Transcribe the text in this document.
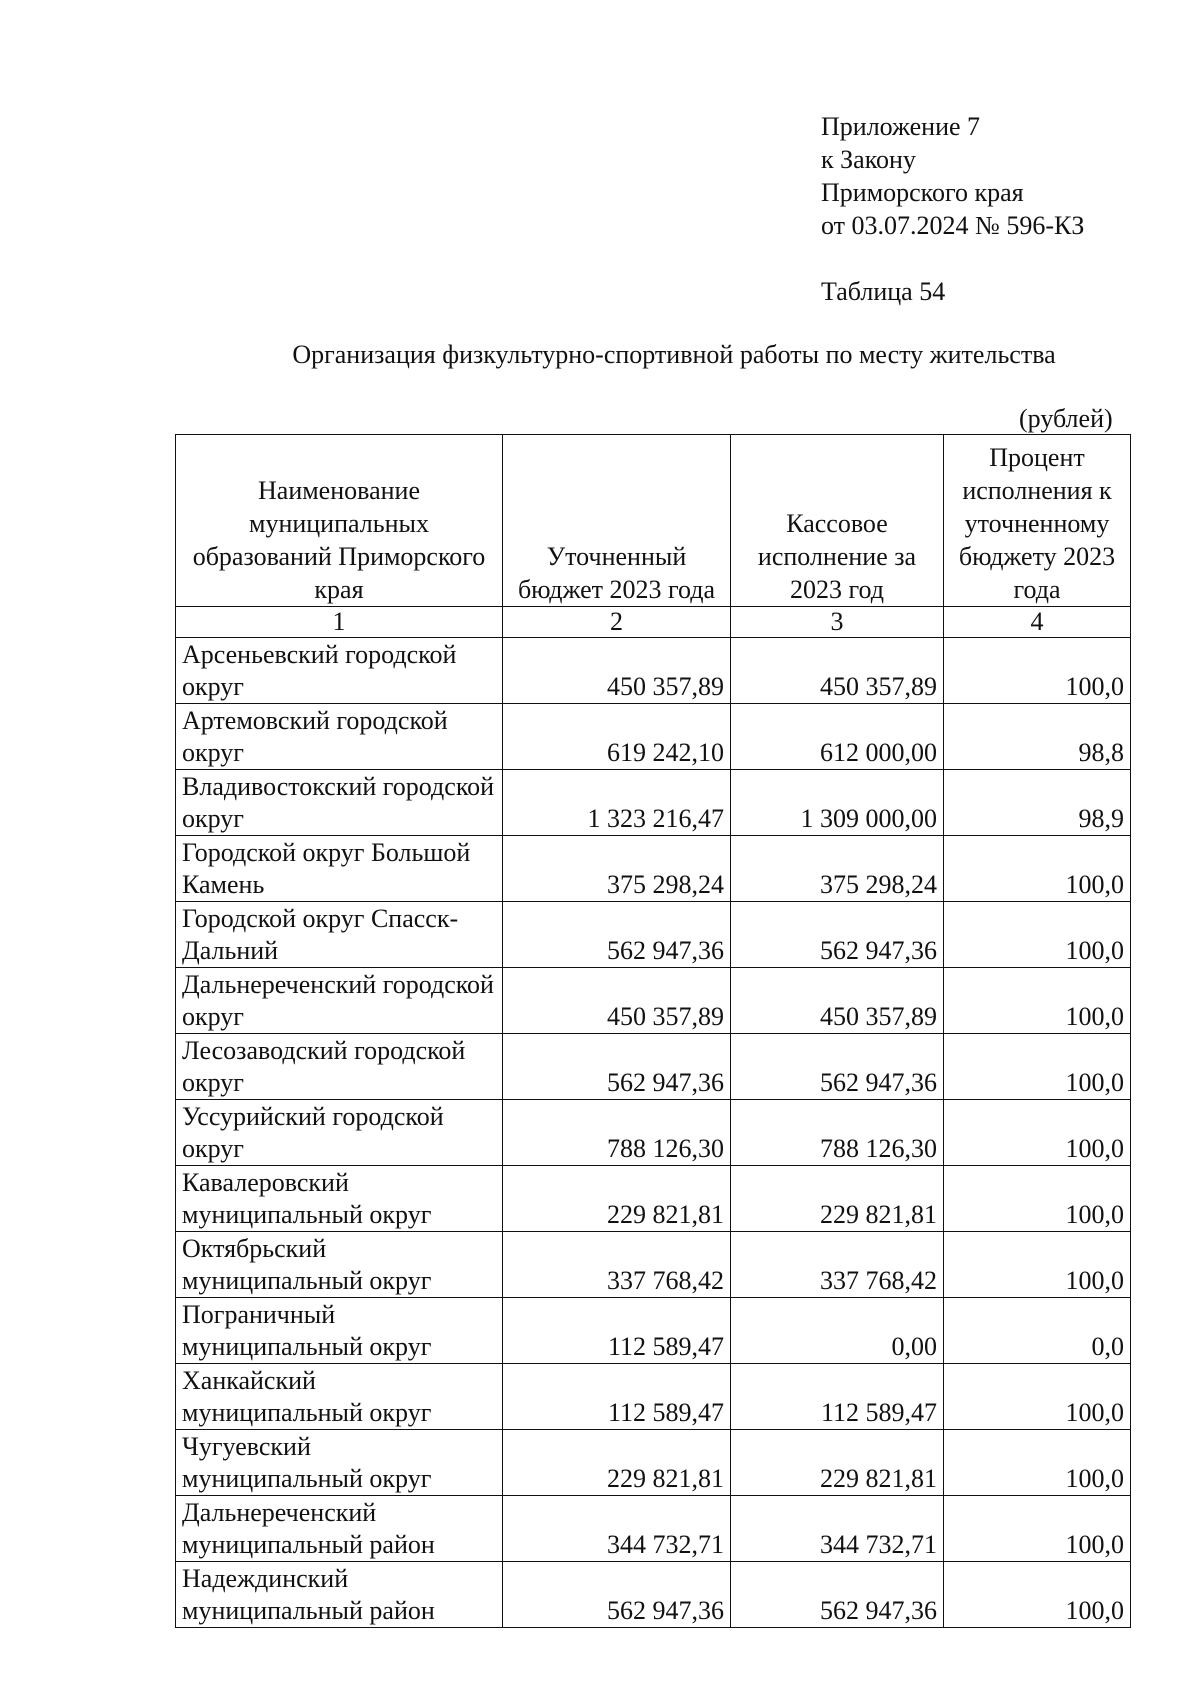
Приложение 7
к Закону
Приморского края
от 03.07.2024 № 596-КЗ
Таблица 54
Организация физкультурно-спортивной работы по месту жительства
(рублей)
Наименование муниципальных образований Приморского края	Уточненный бюджет 2023 года	Кассовое исполнение за 2023 год	Процент исполнения к уточненному бюджету 2023 года
1	2	3	4
Арсеньевский городской округ	450 357,89	450 357,89	100,0
Артемовский городской округ	619 242,10	612 000,00	98,8
Владивостокский городской округ	1 323 216,47	1 309 000,00	98,9
Городской округ Большой Камень	375 298,24	375 298,24	100,0
Городской округ Спасск-Дальний	562 947,36	562 947,36	100,0
Дальнереченский городской округ	450 357,89	450 357,89	100,0
Лесозаводский городской округ	562 947,36	562 947,36	100,0
Уссурийский городской округ	788 126,30	788 126,30	100,0
Кавалеровский муниципальный округ	229 821,81	229 821,81	100,0
Октябрьский муниципальный округ	337 768,42	337 768,42	100,0
Пограничный муниципальный округ	112 589,47	0,00	0,0
Ханкайский муниципальный округ	112 589,47	112 589,47	100,0
Чугуевский муниципальный округ	229 821,81	229 821,81	100,0
Дальнереченский муниципальный район	344 732,71	344 732,71	100,0
Надеждинский муниципальный район	562 947,36	562 947,36	100,0
